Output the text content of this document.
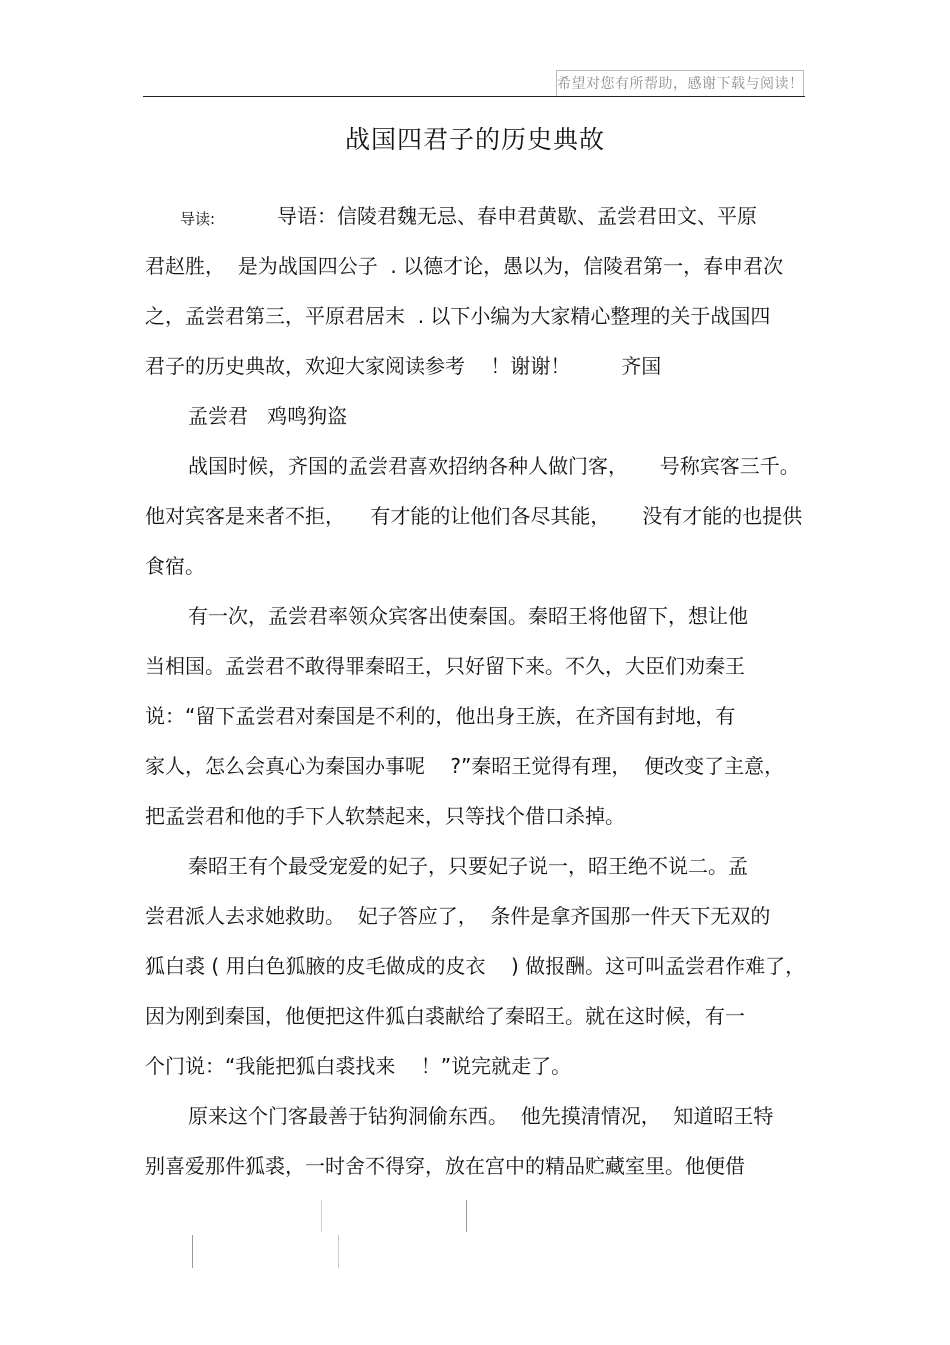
希望对您有所帮助，感谢下载与阅读！
战国四君子的历史典故
导读:	导语：信陵君魏无忌、春申君黄歇、孟尝君田文、平原
君赵胜，  是为战国四公子  . 以德才论，愚以为，信陵君第一，春申君次
之，孟尝君第三，平原君居末  . 以下小编为大家精心整理的关于战国四
君子的历史典故，欢迎大家阅读参考    ！谢谢！        齐国
孟尝君   鸡鸣狗盗
战国时候，齐国的孟尝君喜欢招纳各种人做门客，     号称宾客三千。
他对宾客是来者不拒，    有才能的让他们各尽其能，     没有才能的也提供
食宿。
有一次，孟尝君率领众宾客出使秦国。秦昭王将他留下，想让他
当相国。孟尝君不敢得罪秦昭王，只好留下来。不久，大臣们劝秦王
说：“留下孟尝君对秦国是不利的，他出身王族，在齐国有封地，有
家人，怎么会真心为秦国办事呢    ?”秦昭王觉得有理，  便改变了主意，
把孟尝君和他的手下人软禁起来，只等找个借口杀掉。
秦昭王有个最受宠爱的妃子，只要妃子说一，昭王绝不说二。孟
尝君派人去求她救助。  妃子答应了，  条件是拿齐国那一件天下无双的
狐白裘 ( 用白色狐腋的皮毛做成的皮衣    ) 做报酬。这可叫孟尝君作难了，
因为刚到秦国，他便把这件狐白裘献给了秦昭王。就在这时候，有一
个门说：“我能把狐白裘找来    ！”说完就走了。
原来这个门客最善于钻狗洞偷东西。  他先摸清情况，  知道昭王特
别喜爱那件狐裘，一时舍不得穿，放在宫中的精品贮藏室里。他便借
